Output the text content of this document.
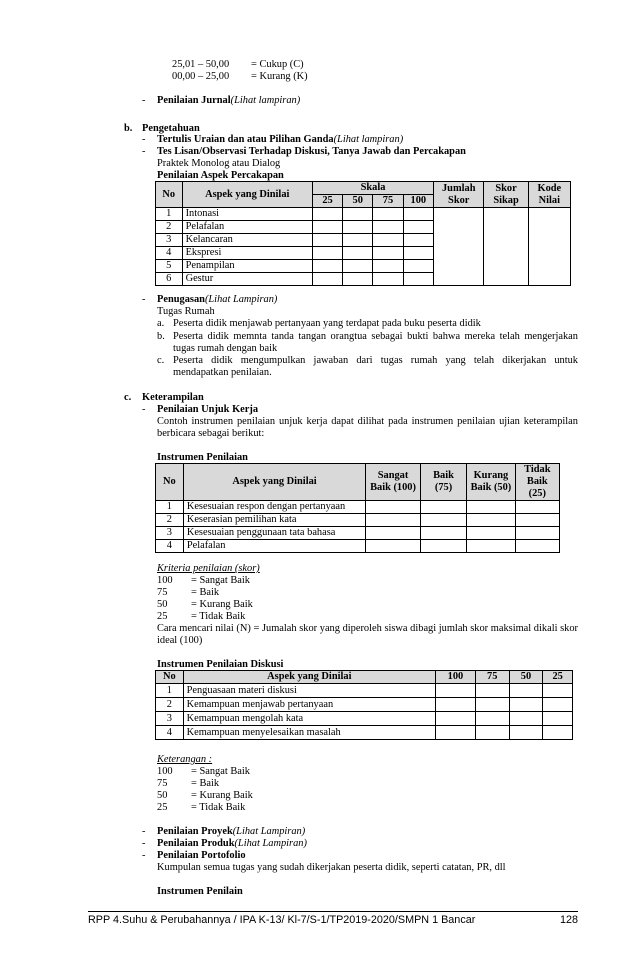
25,01 – 50,00 = Cukup (C)
00,00 – 25,00 = Kurang (K)
- Penilaian Jurnal(Lihat lampiran)
b. Pengetahuan
- Tertulis Uraian dan atau Pilihan Ganda(Lihat lampiran)
- Tes Lisan/Observasi Terhadap Diskusi, Tanya Jawab dan Percakapan
Praktek Monolog atau Dialog
Penilaian Aspek Percakapan
No	Aspek yang Dinilai	Skala				Jumlah Skor	Skor Sikap	Kode Nilai
		25	50	75	100			
1	Intonasi							
2	Pelafalan							
3	Kelancaran							
4	Ekspresi							
5	Penampilan							
6	Gestur							
- Penugasan(Lihat Lampiran)
Tugas Rumah
a. Peserta didik menjawab pertanyaan yang terdapat pada buku peserta didik
b. Peserta didik memnta tanda tangan orangtua sebagai bukti bahwa mereka telah mengerjakan tugas rumah dengan baik
c. Peserta didik mengumpulkan jawaban dari tugas rumah yang telah dikerjakan untuk mendapatkan penilaian.
c. Keterampilan
- Penilaian Unjuk Kerja
Contoh instrumen penilaian unjuk kerja dapat dilihat pada instrumen penilaian ujian keterampilan berbicara sebagai berikut:
Instrumen Penilaian
No	Aspek yang Dinilai	Sangat Baik (100)	Baik (75)	Kurang Baik (50)	Tidak Baik (25)
1	Kesesuaian respon dengan pertanyaan				
2	Keserasian pemilihan kata				
3	Kesesuaian penggunaan tata bahasa				
4	Pelafalan				
Kriteria penilaian (skor)
100 = Sangat Baik
75 = Baik
50 = Kurang Baik
25 = Tidak Baik
Cara mencari nilai (N) = Jumalah skor yang diperoleh siswa dibagi jumlah skor maksimal dikali skor ideal (100)
Instrumen Penilaian Diskusi
No	Aspek yang Dinilai	100	75	50	25
1	Penguasaan materi diskusi				
2	Kemampuan menjawab pertanyaan				
3	Kemampuan mengolah kata				
4	Kemampuan menyelesaikan masalah				
Keterangan :
100 = Sangat Baik
75 = Baik
50 = Kurang Baik
25 = Tidak Baik
- Penilaian Proyek(Lihat Lampiran)
- Penilaian Produk(Lihat Lampiran)
- Penilaian Portofolio
Kumpulan semua tugas yang sudah dikerjakan peserta didik, seperti catatan, PR, dll
Instrumen Penilain
RPP 4.Suhu & Perubahannya / IPA K-13/ Kl-7/S-1/TP2019-2020/SMPN 1 Bancar	128
